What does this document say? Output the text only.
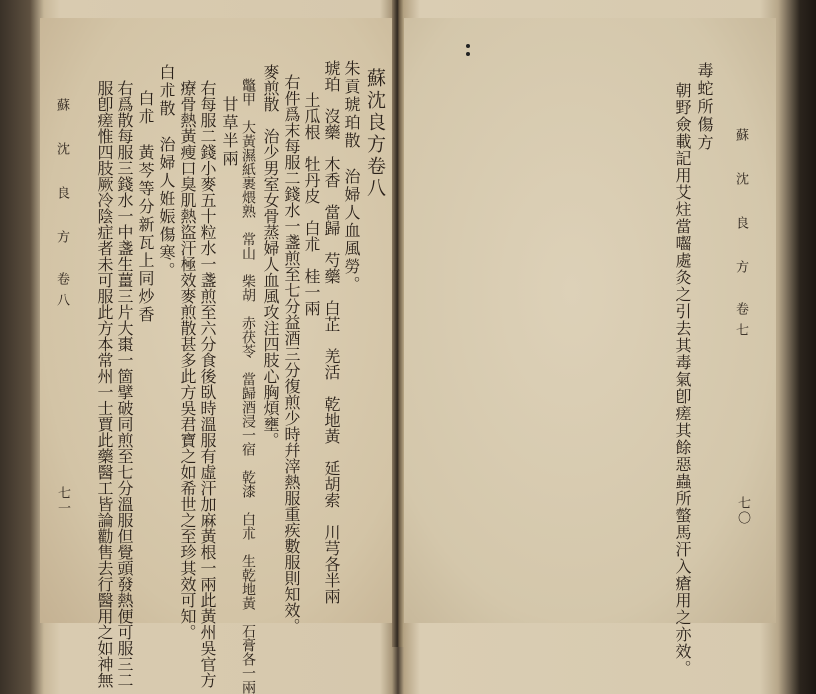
蘇 沈 良 方　卷八
七一
蘇沈良方卷八
朱貢琥珀散　治婦人血風勞。
琥珀　沒藥　木香　當歸　芍藥　白芷　羌活　乾地黃　延胡索　川芎各半兩
　　土瓜根　牡丹皮　白朮　桂一兩
右件爲末每服二錢水一盞煎至七分益酒三分復煎少時幷滓熱服重疾數服則知效。
麥煎散　治少男室女骨蒸婦人血風攻注四肢心胸煩壅。
　鼈甲　大黃濕紙裹煨熟　常山　柴胡　赤茯苓　當歸酒浸一宿　乾漆　白朮　生乾地黃　石膏各一兩
　甘草半兩
右每服二錢小麥五十粒水一盞煎至六分食後臥時溫服有虛汗加麻黃根一兩此黃州吳官方
療骨熱黃瘦口臭肌熱盜汗極效麥煎散甚多此方吳君寶之如希世之至珍其效可知。
白朮散　治婦人姙娠傷寒。
　白朮　黃芩等分新瓦上同炒香
右爲散每服三錢水一中盞生薑三片大棗一箇擘破同煎至七分溫服但覺頭發熱便可服三二
服卽瘥惟四肢厥冷陰症者未可服此方本常州一士賈此藥醫工皆論勸售去行醫用之如神無	蘇 沈 良 方　卷七
七〇
毒蛇所傷方
朝野僉載記用艾炷當囓處灸之引去其毒氣卽瘥其餘惡蟲所螫馬汗入瘡用之亦效。
